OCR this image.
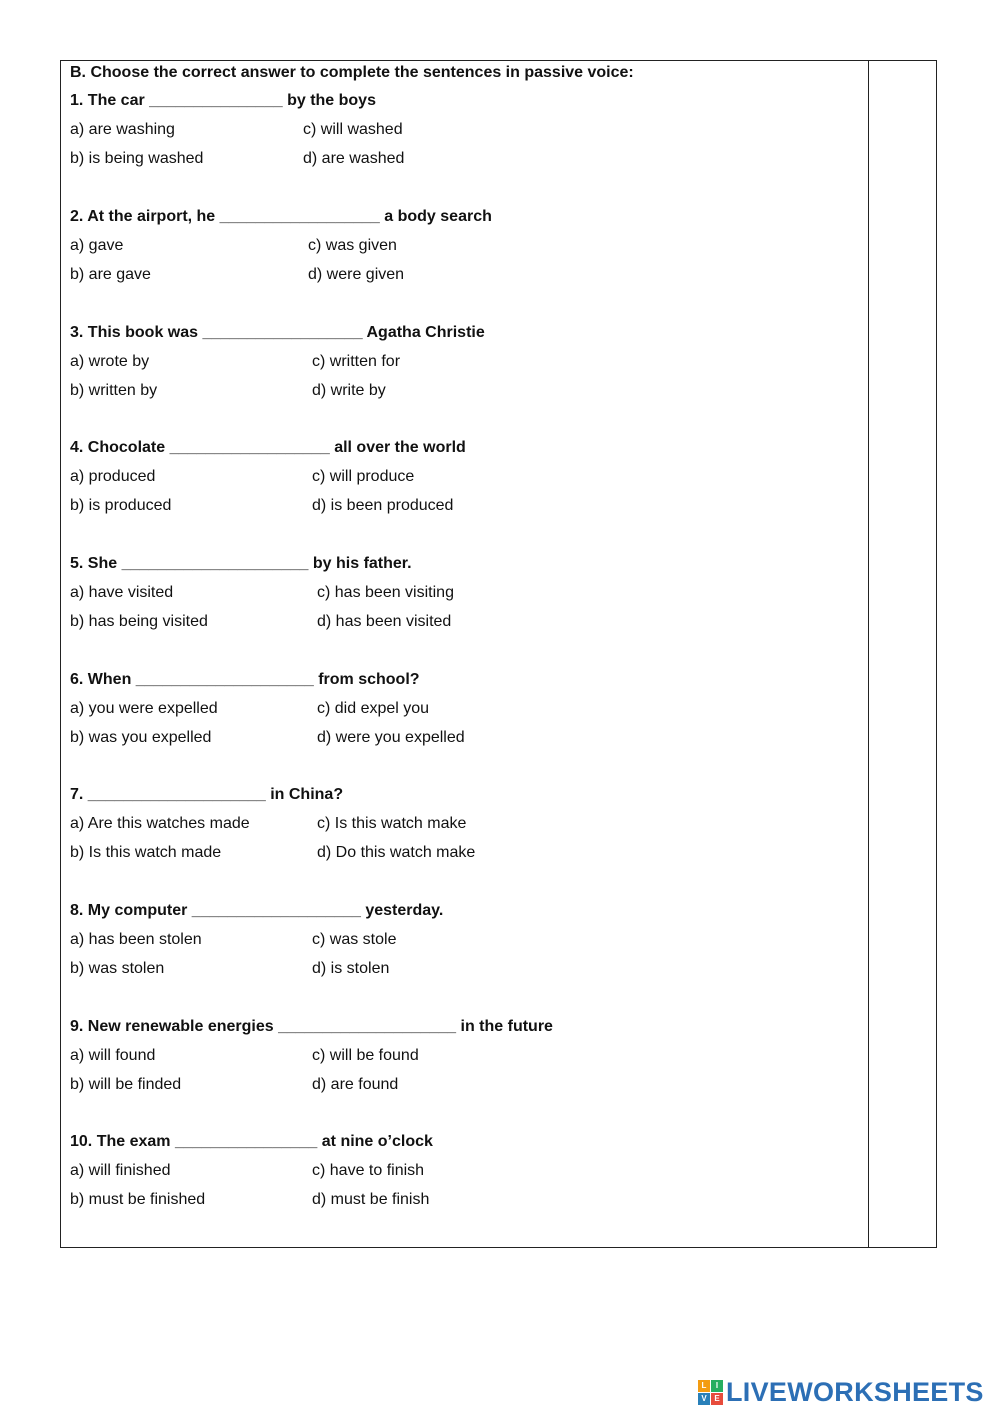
B. Choose the correct answer to complete the sentences in passive voice:
1. The car _______________ by the boys
a) are washing
b) is being washed
c) will washed
d) are washed
2. At the airport, he __________________ a body search
a) gave
b) are gave
c) was given
d) were given
3. This book was __________________ Agatha Christie
a) wrote by
b) written by
c) written for
d) write by
4. Chocolate __________________ all over the world
a) produced
b) is produced
c) will produce
d) is been produced
5. She _____________________ by his father.
a) have visited
b) has being visited
c) has been visiting
d) has been visited
6. When ____________________ from school?
a) you were expelled
b) was you expelled
c) did expel you
d) were you expelled
7. ____________________ in China?
a) Are this watches made
b) Is this watch made
c) Is this watch make
d) Do this watch make
8. My computer ___________________ yesterday.
a) has been stolen
b) was stolen
c) was stole
d) is stolen
9. New renewable energies ____________________ in the future
a) will found
b) will be finded
c) will be found
d) are found
10. The exam ________________ at nine o’clock
a) will finished
b) must be finished
c) have to finish
d) must be finish
L	I
V E LIVEWORKSHEETS
